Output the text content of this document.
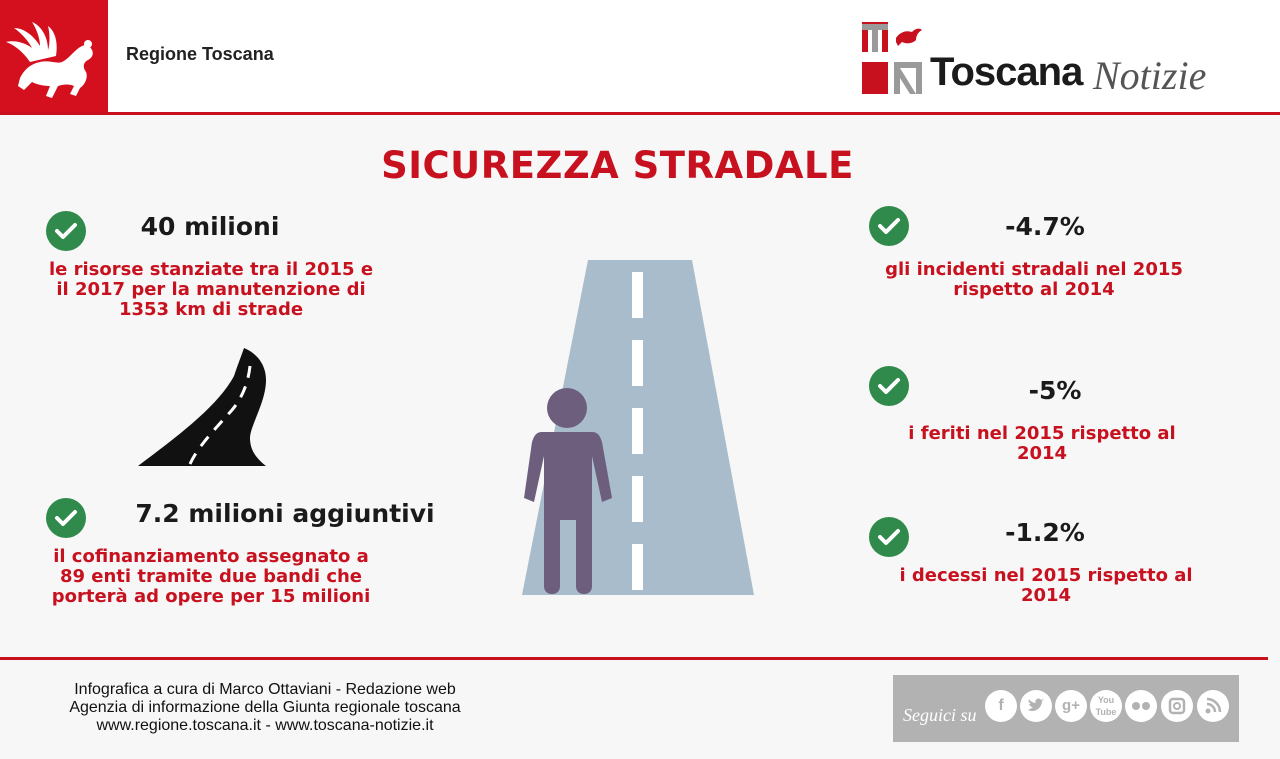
Regione Toscana	Toscana Notizie
SICUREZZA STRADALE
40 milioni
le risorse stanziate tra il 2015 e il 2017 per la manutenzione di 1353 km di strade
7.2 milioni aggiuntivi
il cofinanziamento assegnato a 89 enti tramite due bandi che porterà ad opere per 15 milioni
-4.7%
gli incidenti stradali nel 2015 rispetto al 2014
-5%
i feriti nel 2015 rispetto al 2014
-1.2%
i decessi nel 2015 rispetto al 2014
Infografica a cura di Marco Ottaviani - Redazione web
Agenzia di informazione della Giunta regionale toscana
www.regione.toscana.it - www.toscana-notizie.it
Seguici su	f	g+	You
Tube
